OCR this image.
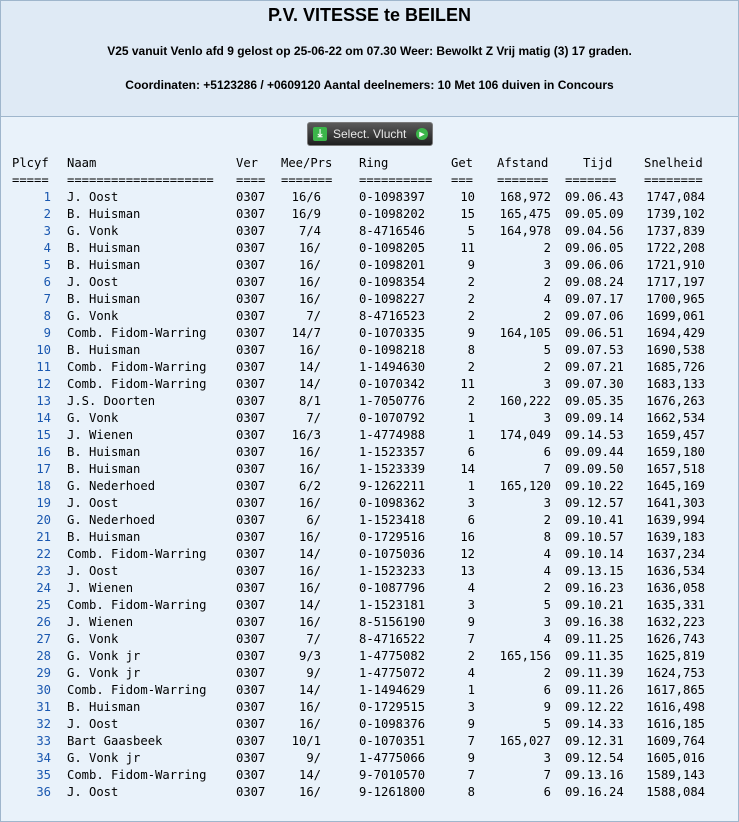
P.V. VITESSE te BEILEN
V25 vanuit Venlo afd 9 gelost op 25-06-22 om 07.30 Weer: Bewolkt Z Vrij matig (3) 17 graden.
Coordinaten: +5123286 / +0609120 Aantal deelnemers: 10 Met 106 duiven in Concours
⤓ Select. Vlucht ►
Plcyf Naam	Ver Mee/Prs Ring	Get Afstand	Tijd	Snelheid
===== ==================== ==== ======= ========== === ======= ======= ========
1 J. Oost	0307	16/6	0-1098397	10	168,972 09.06.43	1747,084
2 B. Huisman	0307	16/9	0-1098202	15	165,475 09.05.09	1739,102
3 G. Vonk	0307	7/4	8-4716546	5	164,978 09.04.56	1737,839
4 B. Huisman	0307	16/	0-1098205	11	2 09.06.05	1722,208
5 B. Huisman	0307	16/	0-1098201	9	3 09.06.06	1721,910
6 J. Oost	0307	16/	0-1098354	2	2 09.08.24	1717,197
7 B. Huisman	0307	16/	0-1098227	2	4 09.07.17	1700,965
8 G. Vonk	0307	7/	8-4716523	2	2 09.07.06	1699,061
9 Comb. Fidom-Warring	0307	14/7	0-1070335	9	164,105 09.06.51	1694,429
10 B. Huisman	0307	16/	0-1098218	8	5 09.07.53	1690,538
11 Comb. Fidom-Warring	0307	14/	1-1494630	2	2 09.07.21	1685,726
12 Comb. Fidom-Warring	0307	14/	0-1070342	11	3 09.07.30	1683,133
13 J.S. Doorten	0307	8/1	1-7050776	2	160,222 09.05.35	1676,263
14 G. Vonk	0307	7/	0-1070792	1	3 09.09.14	1662,534
15 J. Wienen	0307	16/3	1-4774988	1	174,049 09.14.53	1659,457
16 B. Huisman	0307	16/	1-1523357	6	6 09.09.44	1659,180
17 B. Huisman	0307	16/	1-1523339	14	7 09.09.50	1657,518
18 G. Nederhoed	0307	6/2	9-1262211	1	165,120 09.10.22	1645,169
19 J. Oost	0307	16/	0-1098362	3	3 09.12.57	1641,303
20 G. Nederhoed	0307	6/	1-1523418	6	2 09.10.41	1639,994
21 B. Huisman	0307	16/	0-1729516	16	8 09.10.57	1639,183
22 Comb. Fidom-Warring	0307	14/	0-1075036	12	4 09.10.14	1637,234
23 J. Oost	0307	16/	1-1523233	13	4 09.13.15	1636,534
24 J. Wienen	0307	16/	0-1087796	4	2 09.16.23	1636,058
25 Comb. Fidom-Warring	0307	14/	1-1523181	3	5 09.10.21	1635,331
26 J. Wienen	0307	16/	8-5156190	9	3 09.16.38	1632,223
27 G. Vonk	0307	7/	8-4716522	7	4 09.11.25	1626,743
28 G. Vonk jr	0307	9/3	1-4775082	2	165,156 09.11.35	1625,819
29 G. Vonk jr	0307	9/	1-4775072	4	2 09.11.39	1624,753
30 Comb. Fidom-Warring	0307	14/	1-1494629	1	6 09.11.26	1617,865
31 B. Huisman	0307	16/	0-1729515	3	9 09.12.22	1616,498
32 J. Oost	0307	16/	0-1098376	9	5 09.14.33	1616,185
33 Bart Gaasbeek	0307	10/1	0-1070351	7	165,027 09.12.31	1609,764
34 G. Vonk jr	0307	9/	1-4775066	9	3 09.12.54	1605,016
35 Comb. Fidom-Warring	0307	14/	9-7010570	7	7 09.13.16	1589,143
36 J. Oost	0307	16/	9-1261800	8	6 09.16.24	1588,084
